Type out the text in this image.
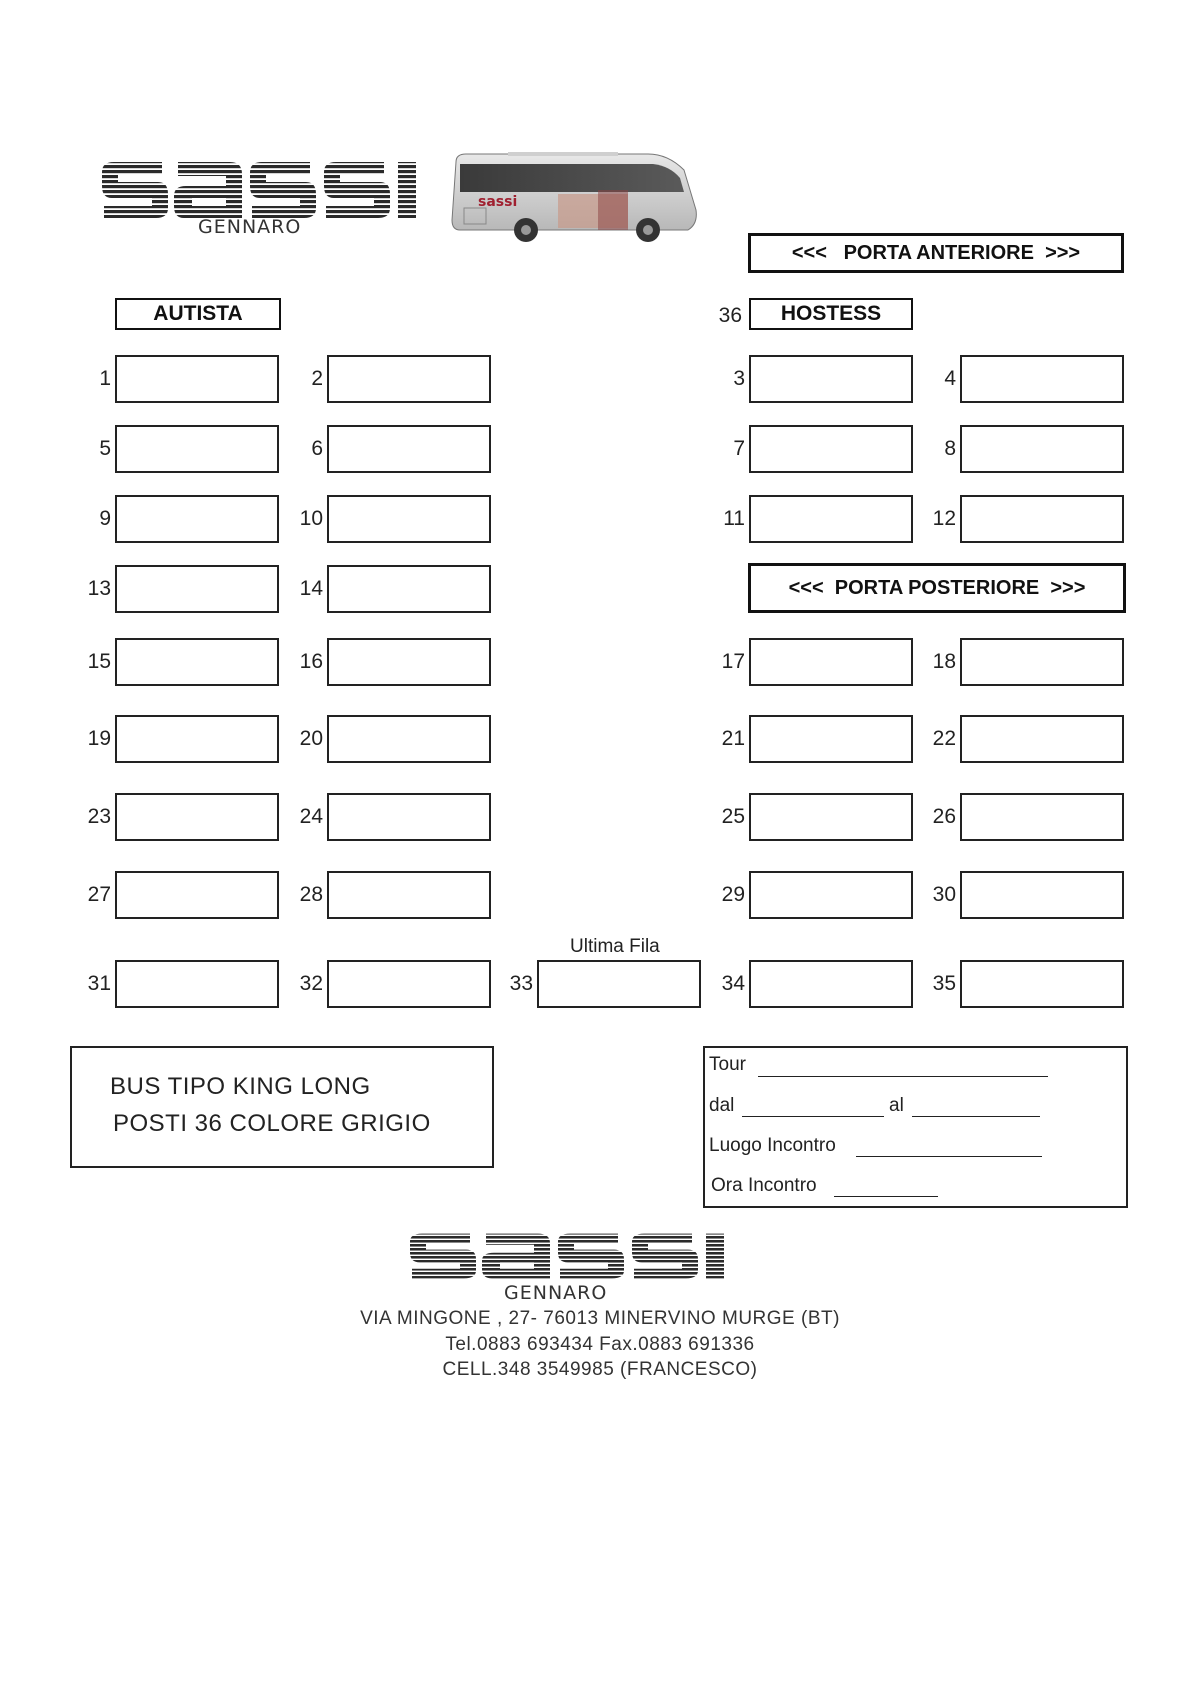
GENNARO
sassi
<<<   PORTA ANTERIORE  >>>
AUTISTA	36	HOSTESS
<<<  PORTA POSTERIORE  >>>
1	2	3	4
5	6	7	8
9	10	11	12
13	14
15	16	17	18
19	20	21	22
23	24	25	26
27	28	29	30
31	32	33	34	35
Ultima Fila
BUS TIPO KING LONG
POSTI 36 COLORE GRIGIO
Tour
dal	al
Luogo Incontro
Ora Incontro
GENNARO
VIA MINGONE , 27- 76013 MINERVINO MURGE (BT)
Tel.0883 693434 Fax.0883 691336
CELL.348 3549985 (FRANCESCO)
